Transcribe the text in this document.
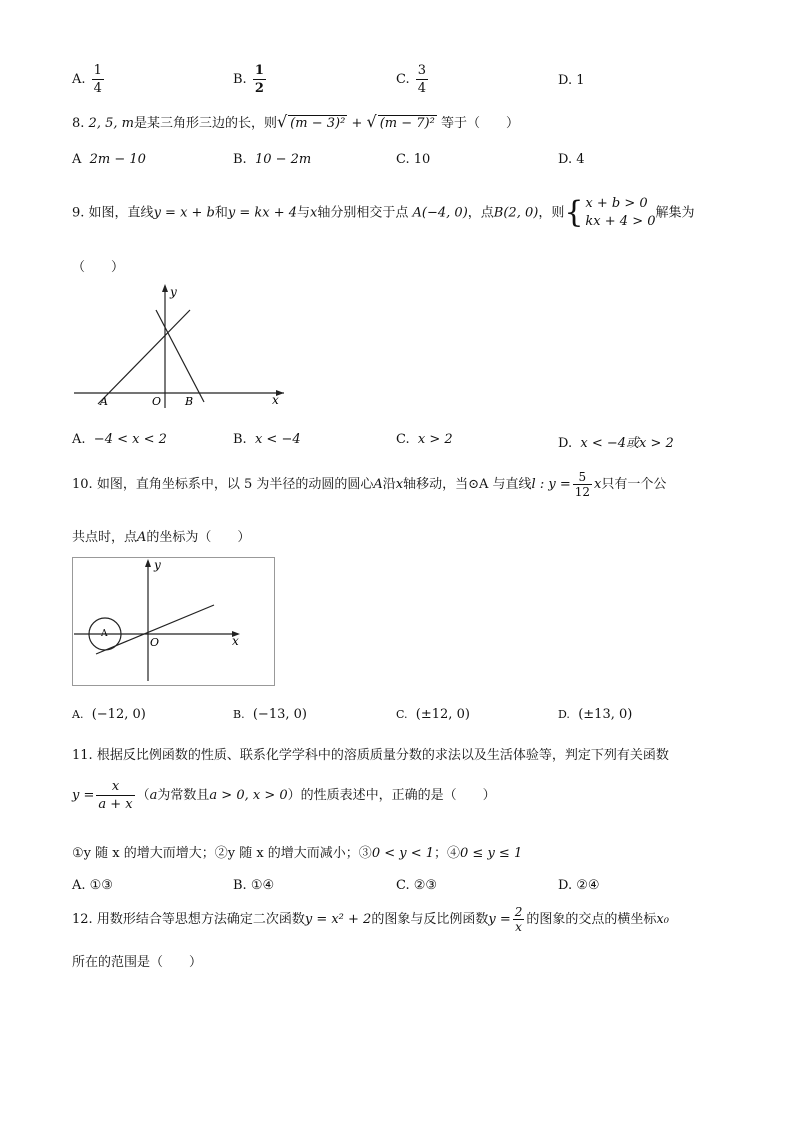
A. $\frac{1}{4}$	B. $\frac{1}{2}$	C. $\frac{3}{4}$	D. 1
8. 2, 5, m是某三角形三边的长，则√ (m − 3)² + √ (m − 7)² 等于（　　）
A 2m − 10	B. 10 − 2m	C. 10	D. 4
9. 如图，直线y = x + b和y = kx + 4与x轴分别相交于点 A(−4, 0)，点B(2, 0)，则{ x + b > 0
kx + 4 > 0
解集为
（　　）
y
x
A	O B
A. −4 < x < 2	B. x < −4	C. x > 2	D. x < −4或x > 2
10. 如图，直角坐标系中，以 5 为半径的动圆的圆心A沿x轴移动，当⊙A 与直线l : $y = \frac{5}{12}$ x只有一个公
共点时，点A的坐标为（　　）
y
x
O
A
A. (−12, 0)	B. (−13, 0)	C. (±12, 0)	D. (±13, 0)
11. 根据反比例函数的性质、联系化学学科中的溶质质量分数的求法以及生活体验等，判定下列有关函数
$y = \frac{x}{a + x} (a$为常数且a > 0, x > 0）的性质表述中，正确的是（　　）
①y 随 x 的增大而增大；②y 随 x 的增大而减小；③0 < y < 1；④0 ≤ y ≤ 1
A. ①③	B. ①④	C. ②③	D. ②④
12. 用数形结合等思想方法确定二次函数y = x² + 2的图象与反比例函数$y = \frac{2}{x}$ 的图象的交点的横坐标x₀
所在的范围是（　　）
